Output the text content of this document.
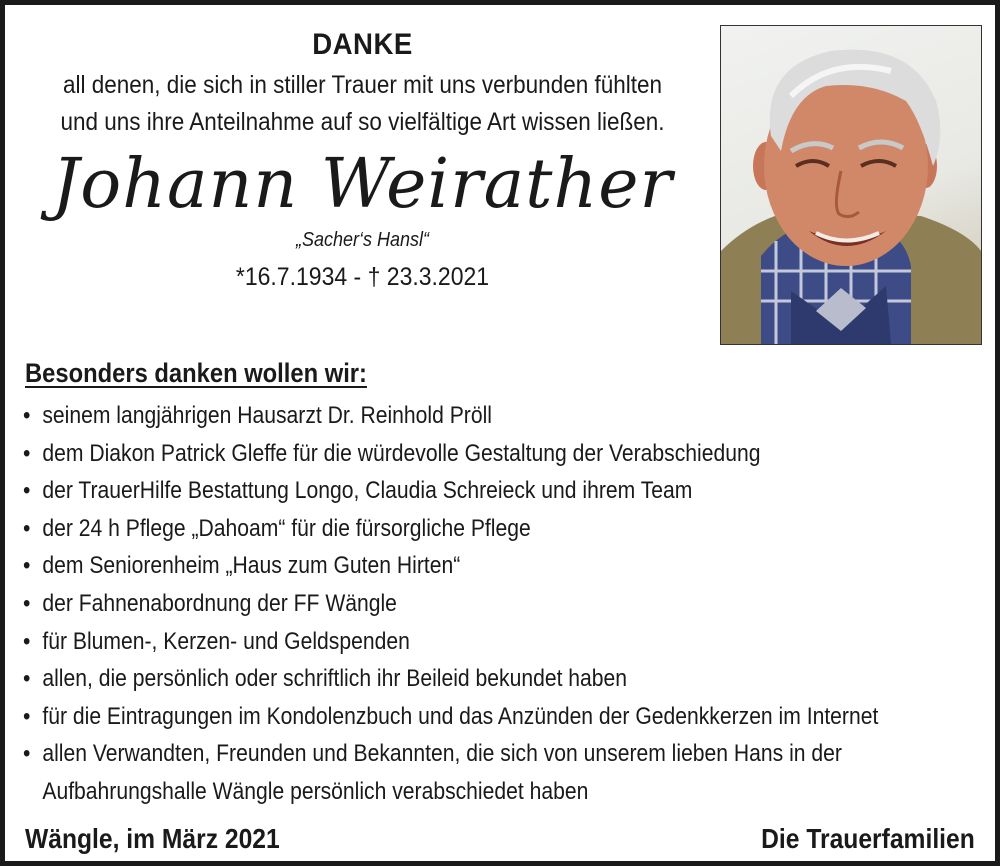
DANKE
all denen, die sich in stiller Trauer mit uns verbunden fühlten
und uns ihre Anteilnahme auf so vielfältige Art wissen ließen.
Johann Weirather
„Sacher‘s Hansl“
*16.7.1934 - † 23.3.2021
Besonders danken wollen wir:
• seinem langjährigen Hausarzt Dr. Reinhold Pröll
• dem Diakon Patrick Gleffe für die würdevolle Gestaltung der Verabschiedung
• der TrauerHilfe Bestattung Longo, Claudia Schreieck und ihrem Team
• der 24 h Pflege „Dahoam“ für die fürsorgliche Pflege
• dem Seniorenheim „Haus zum Guten Hirten“
• der Fahnenabordnung der FF Wängle
• für Blumen-, Kerzen- und Geldspenden
• allen, die persönlich oder schriftlich ihr Beileid bekundet haben
• für die Eintragungen im Kondolenzbuch und das Anzünden der Gedenkkerzen im Internet
• allen Verwandten, Freunden und Bekannten, die sich von unserem lieben Hans in der
Aufbahrungshalle Wängle persönlich verabschiedet haben
Wängle, im März 2021	Die Trauerfamilien
